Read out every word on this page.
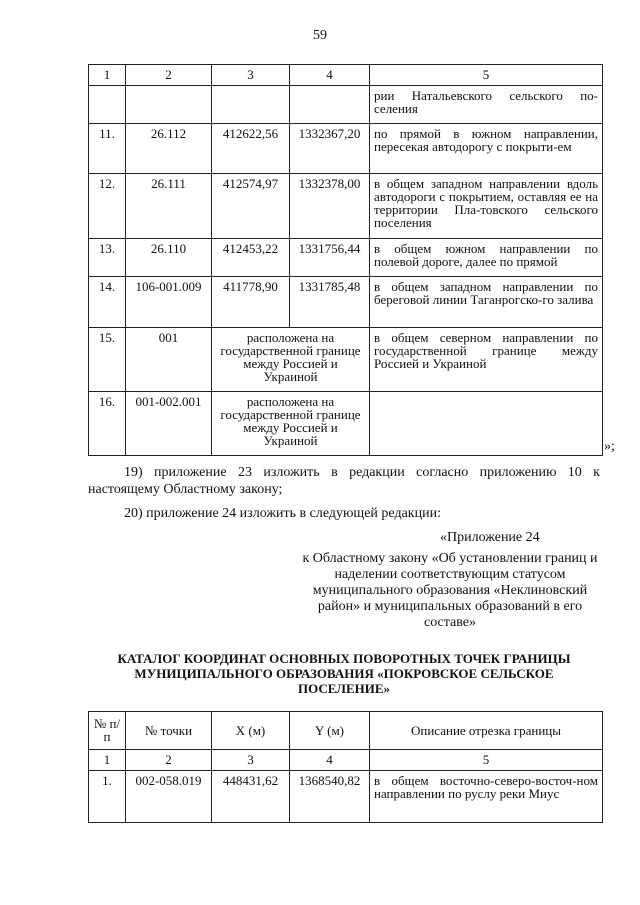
59
1	2	3	4	5
				рии Натальевского сельского по-селения
11.	26.112	412622,56	1332367,20	по прямой в южном направлении, пересекая автодорогу с покрыти-ем
12.	26.111	412574,97	1332378,00	в общем западном направлении вдоль автодороги с покрытием, оставляя ее на территории Пла-товского сельского поселения
13.	26.110	412453,22	1331756,44	в общем южном направлении по полевой дороге, далее по прямой
14.	106-001.009	411778,90	1331785,48	в общем западном направлении по береговой линии Таганрогско-го залива
15.	001	расположена на государственной границе между Россией и Украиной		в общем северном направлении по государственной границе между Россией и Украиной
16.	001-002.001	расположена на государственной границе между Россией и Украиной			»;
19) приложение 23 изложить в редакции согласно приложению 10 к настоящему Областному закону;
20) приложение 24 изложить в следующей редакции:
«Приложение 24
к Областному закону «Об установлении границ и наделении соответствующим статусом муниципального образования «Неклиновский район» и муниципальных образований в его составе»
КАТАЛОГ КООРДИНАТ ОСНОВНЫХ ПОВОРОТНЫХ ТОЧЕК ГРАНИЦЫ МУНИЦИПАЛЬНОГО ОБРАЗОВАНИЯ «ПОКРОВСКОЕ СЕЛЬСКОЕ ПОСЕЛЕНИЕ»
№ п/п	№ точки	X (м)	Y (м)	Описание отрезка границы
1	2	3	4	5
1.	002-058.019	448431,62	1368540,82	в общем восточно-северо-восточ-ном направлении по руслу реки Миус
